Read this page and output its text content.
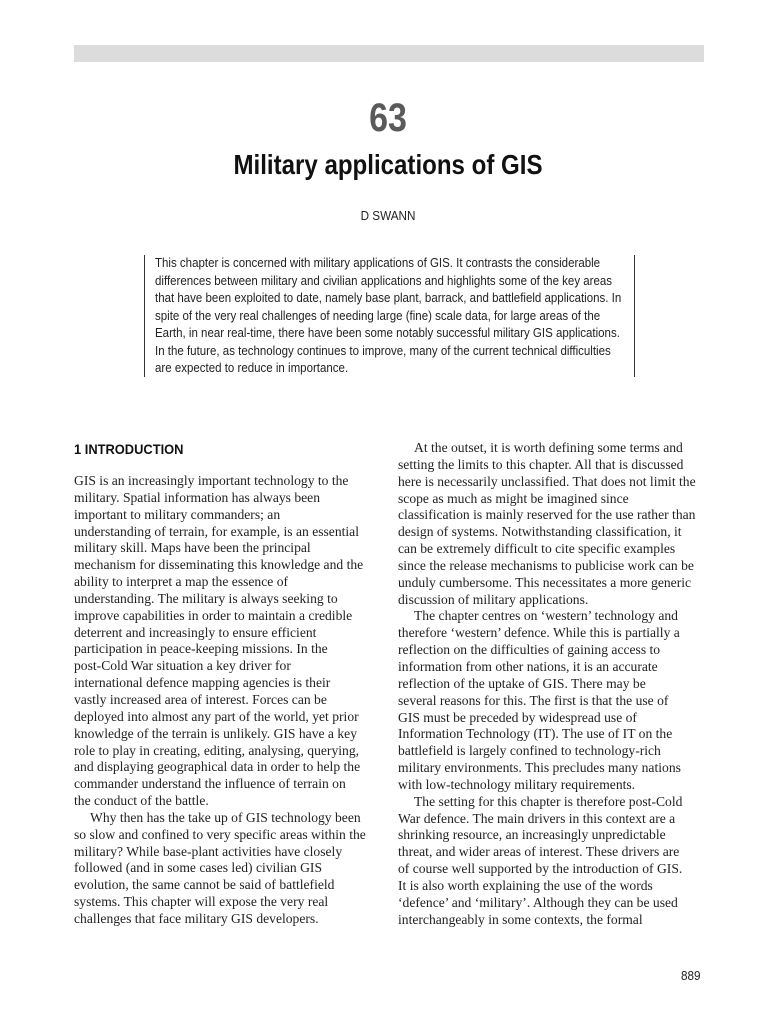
63
Military applications of GIS
D SWANN
This chapter is concerned with military applications of GIS. It contrasts the considerable
differences between military and civilian applications and highlights some of the key areas
that have been exploited to date, namely base plant, barrack, and battlefield applications. In
spite of the very real challenges of needing large (fine) scale data, for large areas of the
Earth, in near real-time, there have been some notably successful military GIS applications.
In the future, as technology continues to improve, many of the current technical difficulties
are expected to reduce in importance.
1 INTRODUCTION
GIS is an increasingly important technology to the
military. Spatial information has always been
important to military commanders; an
understanding of terrain, for example, is an essential
military skill. Maps have been the principal
mechanism for disseminating this knowledge and the
ability to interpret a map the essence of
understanding. The military is always seeking to
improve capabilities in order to maintain a credible
deterrent and increasingly to ensure efficient
participation in peace-keeping missions. In the
post-Cold War situation a key driver for
international defence mapping agencies is their
vastly increased area of interest. Forces can be
deployed into almost any part of the world, yet prior
knowledge of the terrain is unlikely. GIS have a key
role to play in creating, editing, analysing, querying,
and displaying geographical data in order to help the
commander understand the influence of terrain on
the conduct of the battle.
Why then has the take up of GIS technology been
so slow and confined to very specific areas within the
military? While base-plant activities have closely
followed (and in some cases led) civilian GIS
evolution, the same cannot be said of battlefield
systems. This chapter will expose the very real
challenges that face military GIS developers.
At the outset, it is worth defining some terms and
setting the limits to this chapter. All that is discussed
here is necessarily unclassified. That does not limit the
scope as much as might be imagined since
classification is mainly reserved for the use rather than
design of systems. Notwithstanding classification, it
can be extremely difficult to cite specific examples
since the release mechanisms to publicise work can be
unduly cumbersome. This necessitates a more generic
discussion of military applications.
The chapter centres on ‘western’ technology and
therefore ‘western’ defence. While this is partially a
reflection on the difficulties of gaining access to
information from other nations, it is an accurate
reflection of the uptake of GIS. There may be
several reasons for this. The first is that the use of
GIS must be preceded by widespread use of
Information Technology (IT). The use of IT on the
battlefield is largely confined to technology-rich
military environments. This precludes many nations
with low-technology military requirements.
The setting for this chapter is therefore post-Cold
War defence. The main drivers in this context are a
shrinking resource, an increasingly unpredictable
threat, and wider areas of interest. These drivers are
of course well supported by the introduction of GIS.
It is also worth explaining the use of the words
‘defence’ and ‘military’. Although they can be used
interchangeably in some contexts, the formal
889
